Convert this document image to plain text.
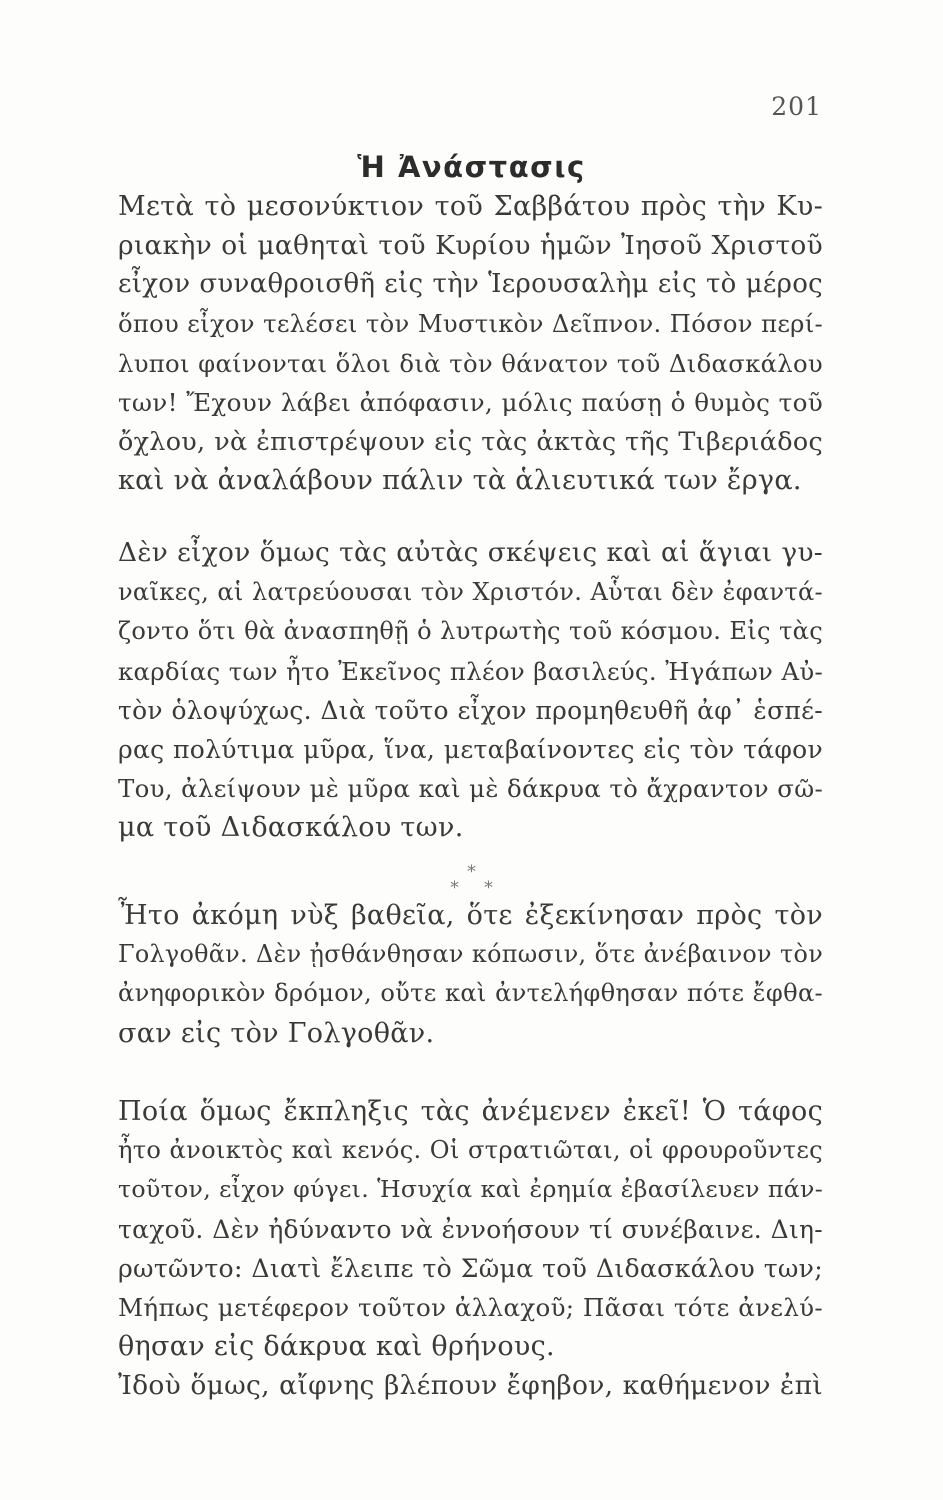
201
Ἡ Ἀνάστασις
Μετὰ τὸ μεσονύκτιον τοῦ Σαββάτου πρὸς τὴν Κυ-
ριακὴν οἱ μαθηταὶ τοῦ Κυρίου ἡμῶν Ἰησοῦ Χριστοῦ
εἶχον συναθροισθῆ εἰς τὴν Ἱερουσαλὴμ εἰς τὸ μέρος
ὅπου εἶχον τελέσει τὸν Μυστικὸν Δεῖπνον. Πόσον περί-
λυποι φαίνονται ὅλοι διὰ τὸν θάνατον τοῦ Διδασκάλου
των! Ἔχουν λάβει ἀπόφασιν, μόλις παύσῃ ὁ θυμὸς τοῦ
ὄχλου, νὰ ἐπιστρέψουν εἰς τὰς ἀκτὰς τῆς Τιβεριάδος
καὶ νὰ ἀναλάβουν πάλιν τὰ ἁλιευτικά των ἔργα.
Δὲν εἶχον ὅμως τὰς αὐτὰς σκέψεις καὶ αἱ ἅγιαι γυ-
ναῖκες, αἱ λατρεύουσαι τὸν Χριστόν. Αὗται δὲν ἐφαντά-
ζοντο ὅτι θὰ ἀνασπηθῇ ὁ λυτρωτὴς τοῦ κόσμου. Εἰς τὰς
καρδίας των ἦτο Ἐκεῖνος πλέον βασιλεύς. Ἠγάπων Αὐ-
τὸν ὁλοψύχως. Διὰ τοῦτο εἶχον προμηθευθῆ ἀφ᾽ ἑσπέ-
ρας πολύτιμα μῦρα, ἵνα, μεταβαίνοντες εἰς τὸν τάφον
Του, ἀλείψουν μὲ μῦρα καὶ μὲ δάκρυα τὸ ἄχραντον σῶ-
μα τοῦ Διδασκάλου των.
*
* *
Ἦτο ἀκόμη νὺξ βαθεῖα, ὅτε ἐξεκίνησαν πρὸς τὸν
Γολγοθᾶν. Δὲν ᾐσθάνθησαν κόπωσιν, ὅτε ἀνέβαινον τὸν
ἀνηφορικὸν δρόμον, οὔτε καὶ ἀντελήφθησαν πότε ἔφθα-
σαν εἰς τὸν Γολγοθᾶν.
Ποία ὅμως ἔκπληξις τὰς ἀνέμενεν ἐκεῖ! Ὁ τάφος
ἦτο ἀνοικτὸς καὶ κενός. Οἱ στρατιῶται, οἱ φρουροῦντες
τοῦτον, εἶχον φύγει. Ἡσυχία καὶ ἐρημία ἐβασίλευεν πάν-
ταχοῦ. Δὲν ἠδύναντο νὰ ἐννοήσουν τί συνέβαινε. Διη-
ρωτῶντο: Διατὶ ἔλειπε τὸ Σῶμα τοῦ Διδασκάλου των;
Μήπως μετέφερον τοῦτον ἀλλαχοῦ; Πᾶσαι τότε ἀνελύ-
θησαν εἰς δάκρυα καὶ θρήνους.
Ἰδοὺ ὅμως, αἴφνης βλέπουν ἔφηβον, καθήμενον ἐπὶ
